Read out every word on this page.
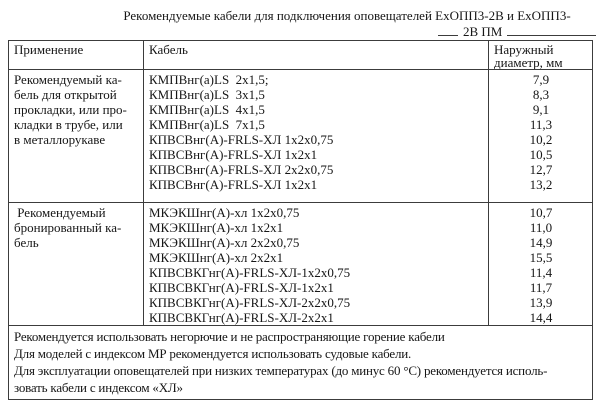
Рекомендуемые кабели для подключения оповещателей ЕхОПП3-2В и ЕхОПП3-
2В ПМ
Применение	Кабель	Наружный
диаметр, мм
Рекомендуемый ка-
бель для открытой
прокладки, или про-
кладки в трубе, или
в металлорукаве
КМПВнг(а)LS  2х1,5;
КМПВнг(а)LS  3х1,5
КМПВнг(а)LS  4х1,5
КМПВнг(а)LS  7х1,5
КПВСВнг(А)-FRLS-ХЛ 1х2х0,75
КПВСВнг(А)-FRLS-ХЛ 1х2х1
КПВСВнг(А)-FRLS-ХЛ 2х2х0,75
КПВСВнг(А)-FRLS-ХЛ 1х2х1
7,9
8,3
9,1
11,3
10,2
10,5
12,7
13,2
Рекомендуемый
бронированный ка-
бель
МКЭКШнг(А)-хл 1х2х0,75
МКЭКШнг(А)-хл 1х2х1
МКЭКШнг(А)-хл 2х2х0,75
МКЭКШнг(А)-хл 2х2х1
КПВСВКГнг(А)-FRLS-ХЛ-1х2х0,75
КПВСВКГнг(А)-FRLS-ХЛ-1х2х1
КПВСВКГнг(А)-FRLS-ХЛ-2х2х0,75
КПВСВКГнг(А)-FRLS-ХЛ-2х2х1
10,7
11,0
14,9
15,5
11,4
11,7
13,9
14,4
Рекомендуется использовать негорючие и не распространяющие горение кабели
Для моделей с индексом МР рекомендуется использовать судовые кабели.
Для эксплуатации оповещателей при низких температурах (до минус 60 °С) рекомендуется исполь-
зовать кабели с индексом «ХЛ»
